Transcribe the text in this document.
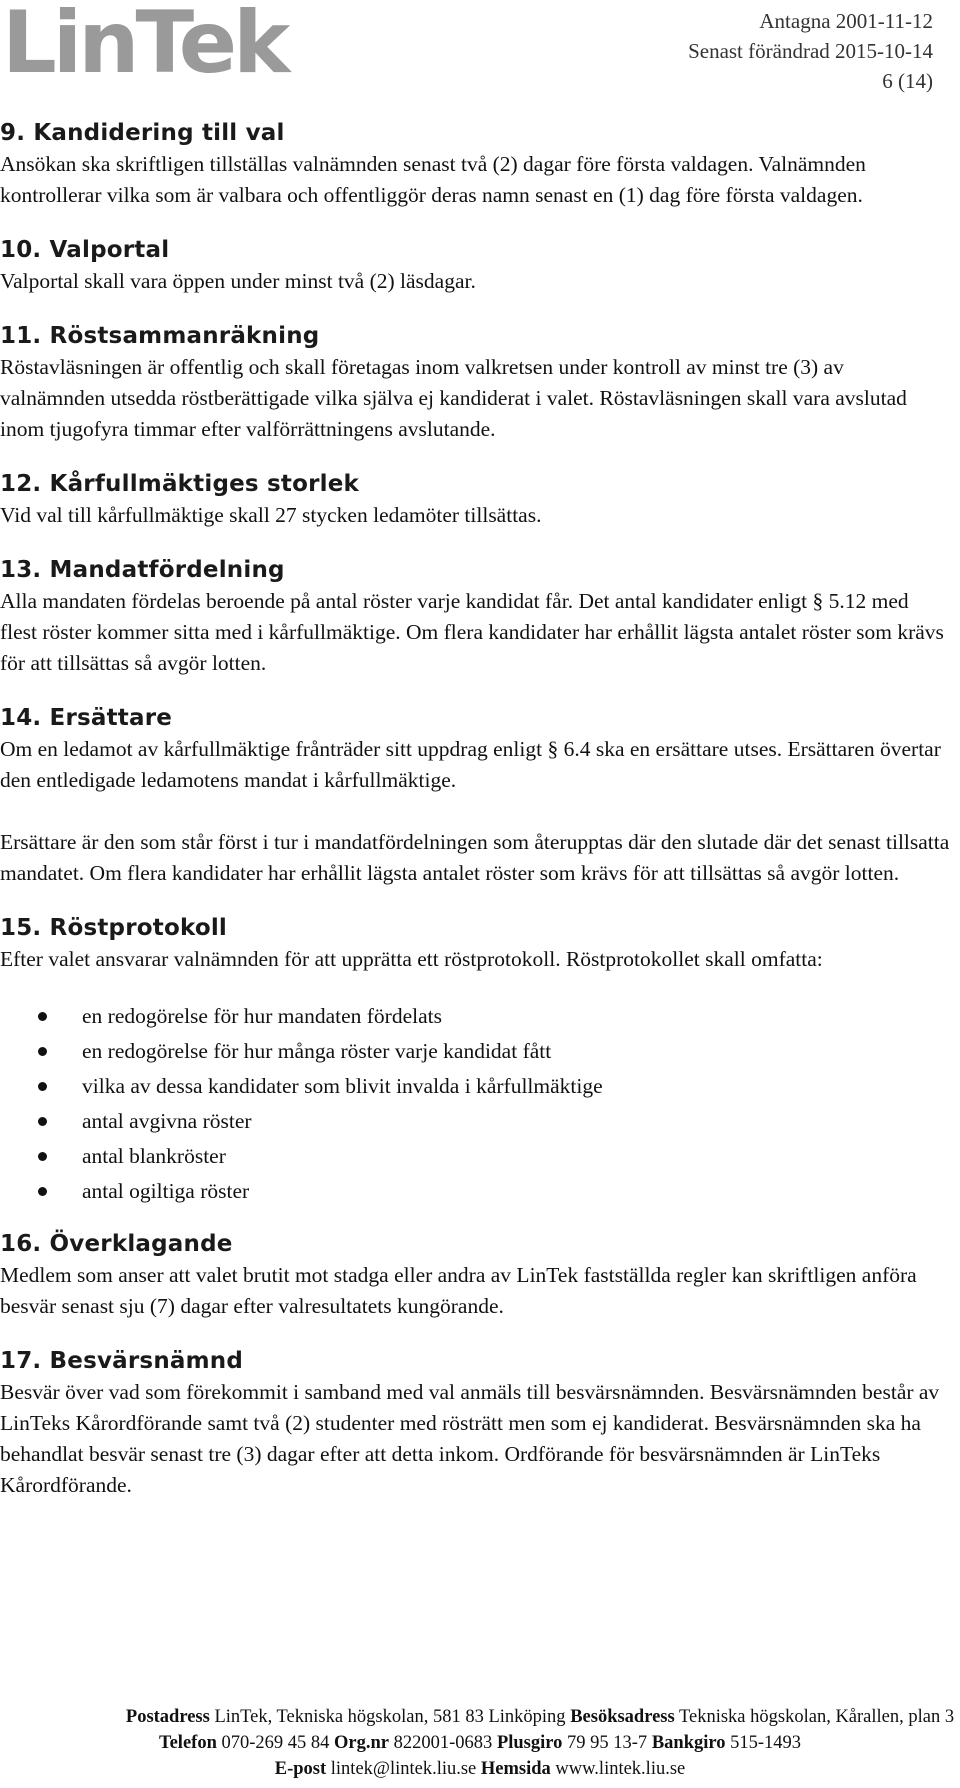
LinTek	Antagna 2001-11-12
Senast förändrad 2015-10-14
6 (14)
9. Kandidering till val

Ansökan ska skriftligen tillställas valnämnden senast två (2) dagar före första valdagen. Valnämnden kontrollerar vilka som är valbara och offentliggör deras namn senast en (1) dag före första valdagen.

10. Valportal

Valportal skall vara öppen under minst två (2) läsdagar.

11. Röstsammanräkning

Röstavläsningen är offentlig och skall företagas inom valkretsen under kontroll av minst tre (3) av valnämnden utsedda röstberättigade vilka själva ej kandiderat i valet. Röstavläsningen skall vara avslutad inom tjugofyra timmar efter valförrättningens avslutande.

12. Kårfullmäktiges storlek

Vid val till kårfullmäktige skall 27 stycken ledamöter tillsättas.

13. Mandatfördelning

Alla mandaten fördelas beroende på antal röster varje kandidat får. Det antal kandidater enligt § 5.12 med flest röster kommer sitta med i kårfullmäktige. Om flera kandidater har erhållit lägsta antalet röster som krävs för att tillsättas så avgör lotten.

14. Ersättare

Om en ledamot av kårfullmäktige frånträder sitt uppdrag enligt § 6.4 ska en ersättare utses. Ersättaren övertar den entledigade ledamotens mandat i kårfullmäktige.

Ersättare är den som står först i tur i mandatfördelningen som återupptas där den slutade där det senast tillsatta mandatet. Om flera kandidater har erhållit lägsta antalet röster som krävs för att tillsättas så avgör lotten.

15. Röstprotokoll

Efter valet ansvarar valnämnden för att upprätta ett röstprotokoll. Röstprotokollet skall omfatta:

en redogörelse för hur mandaten fördelats
en redogörelse för hur många röster varje kandidat fått
vilka av dessa kandidater som blivit invalda i kårfullmäktige
antal avgivna röster
antal blankröster
antal ogiltiga röster
16. Överklagande

Medlem som anser att valet brutit mot stadga eller andra av LinTek fastställda regler kan skriftligen anföra besvär senast sju (7) dagar efter valresultatets kungörande.

17. Besvärsnämnd

Besvär över vad som förekommit i samband med val anmäls till besvärsnämnden. Besvärsnämnden består av LinTeks Kårordförande samt två (2) studenter med rösträtt men som ej kandiderat. Besvärsnämnden ska ha behandlat besvär senast tre (3) dagar efter att detta inkom. Ordförande för besvärsnämnden är LinTeks Kårordförande.

Postadress LinTek, Tekniska högskolan, 581 83 Linköping Besöksadress Tekniska högskolan, Kårallen, plan 3
Telefon 070-269 45 84 Org.nr 822001-0683 Plusgiro 79 95 13-7 Bankgiro 515-1493
E-post lintek@lintek.liu.se Hemsida www.lintek.liu.se
